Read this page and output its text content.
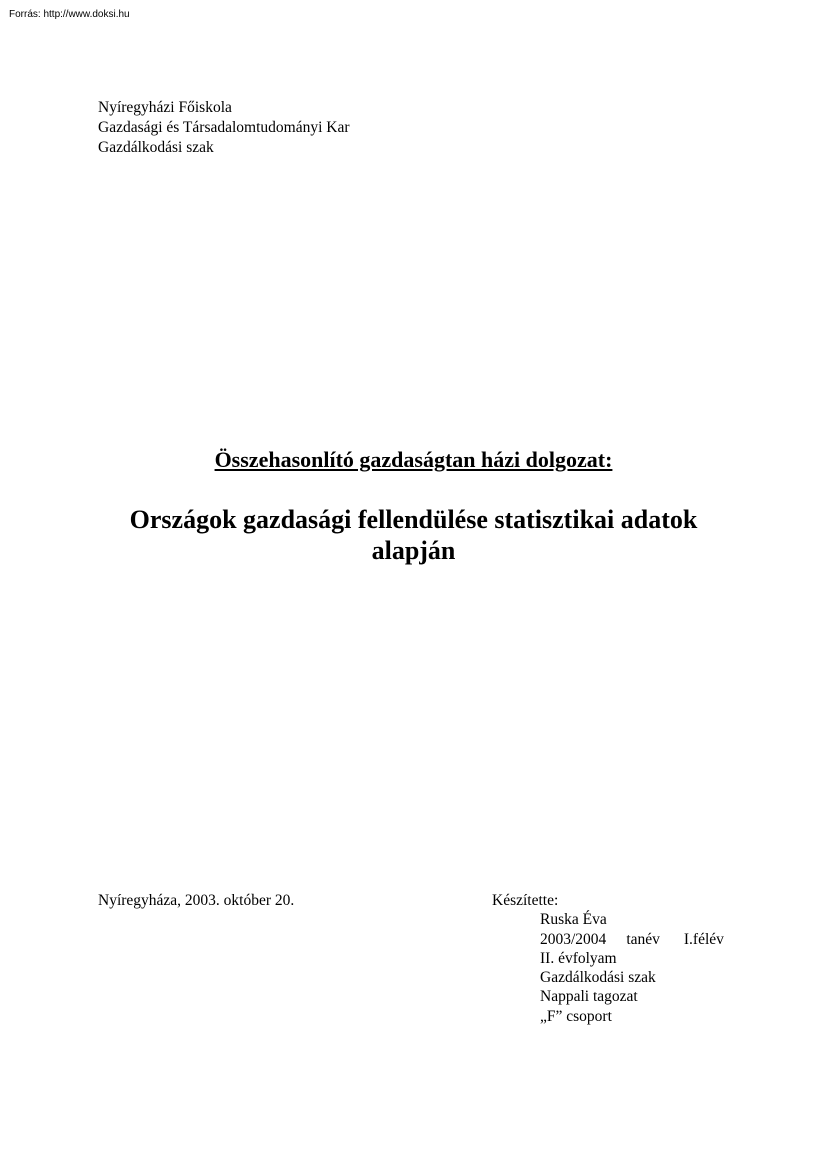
Forrás: http://www.doksi.hu
Nyíregyházi Főiskola
Gazdasági és Társadalomtudományi Kar
Gazdálkodási szak
Összehasonlító gazdaságtan házi dolgozat:
Országok gazdasági fellendülése statisztikai adatok
alapján
Nyíregyháza, 2003. október 20.	Készítette:
Ruska Éva
2003/2004 tanév I.félév
II. évfolyam
Gazdálkodási szak
Nappali tagozat
„F” csoport
